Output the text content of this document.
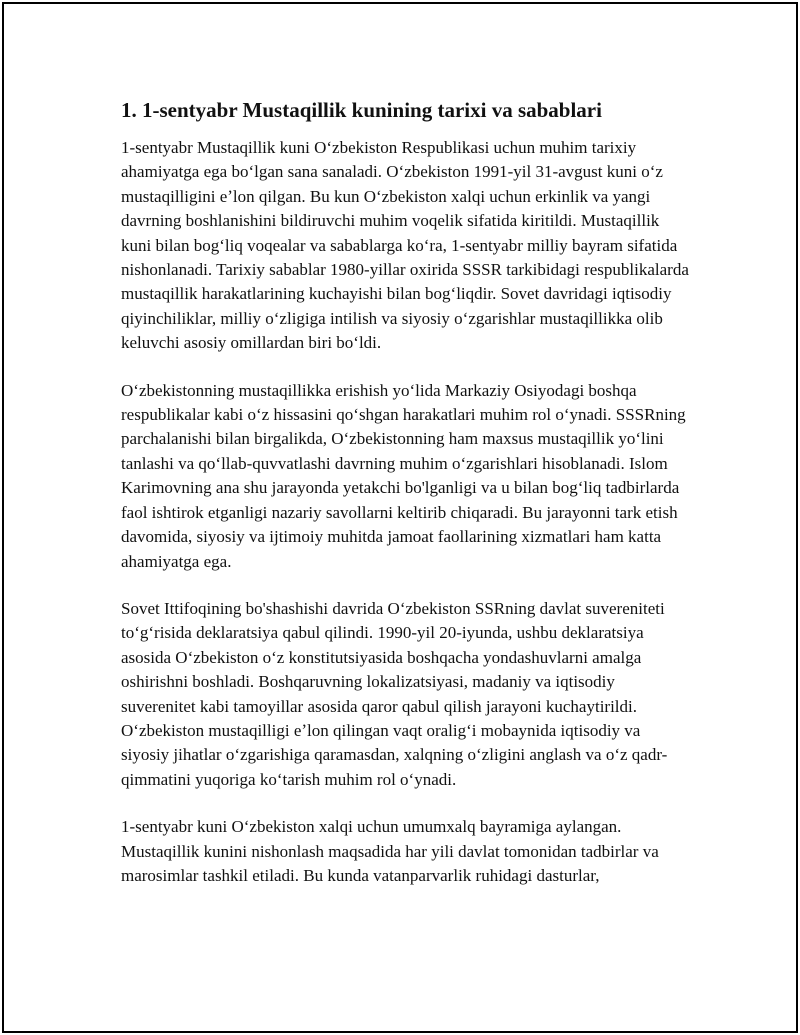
1. 1-sentyabr Mustaqillik kunining tarixi va sabablari

1-sentyabr Mustaqillik kuni Oʻzbekiston Respublikasi uchun muhim tarixiy ahamiyatga ega boʻlgan sana sanaladi. Oʻzbekiston 1991-yil 31-avgust kuni oʻz mustaqilligini eʼlon qilgan. Bu kun Oʻzbekiston xalqi uchun erkinlik va yangi davrning boshlanishini bildiruvchi muhim voqelik sifatida kiritildi. Mustaqillik kuni bilan bogʻliq voqealar va sabablarga koʻra, 1-sentyabr milliy bayram sifatida nishonlanadi. Tarixiy sabablar 1980-yillar oxirida SSSR tarkibidagi respublikalarda mustaqillik harakatlarining kuchayishi bilan bogʻliqdir. Sovet davridagi iqtisodiy qiyinchiliklar, milliy oʻzligiga intilish va siyosiy oʻzgarishlar mustaqillikka olib keluvchi asosiy omillardan biri boʻldi.

Oʻzbekistonning mustaqillikka erishish yoʻlida Markaziy Osiyodagi boshqa respublikalar kabi oʻz hissasini qoʻshgan harakatlari muhim rol oʻynadi. SSSRning parchalanishi bilan birgalikda, Oʻzbekistonning ham maxsus mustaqillik yoʻlini tanlashi va qoʻllab-quvvatlashi davrning muhim oʻzgarishlari hisoblanadi. Islom Karimovning ana shu jarayonda yetakchi bo'lganligi va u bilan bogʻliq tadbirlarda faol ishtirok etganligi nazariy savollarni keltirib chiqaradi. Bu jarayonni tark etish davomida, siyosiy va ijtimoiy muhitda jamoat faollarining xizmatlari ham katta ahamiyatga ega.

Sovet Ittifoqining bo'shashishi davrida Oʻzbekiston SSRning davlat suvereniteti toʻgʻrisida deklaratsiya qabul qilindi. 1990-yil 20-iyunda, ushbu deklaratsiya asosida Oʻzbekiston oʻz konstitutsiyasida boshqacha yondashuvlarni amalga oshirishni boshladi. Boshqaruvning lokalizatsiyasi, madaniy va iqtisodiy suverenitet kabi tamoyillar asosida qaror qabul qilish jarayoni kuchaytirildi. Oʻzbekiston mustaqilligi eʼlon qilingan vaqt oraligʻi mobaynida iqtisodiy va siyosiy jihatlar oʻzgarishiga qaramasdan, xalqning oʻzligini anglash va oʻz qadr-qimmatini yuqoriga koʻtarish muhim rol oʻynadi.

1-sentyabr kuni Oʻzbekiston xalqi uchun umumxalq bayramiga aylangan. Mustaqillik kunini nishonlash maqsadida har yili davlat tomonidan tadbirlar va marosimlar tashkil etiladi. Bu kunda vatanparvarlik ruhidagi dasturlar,
